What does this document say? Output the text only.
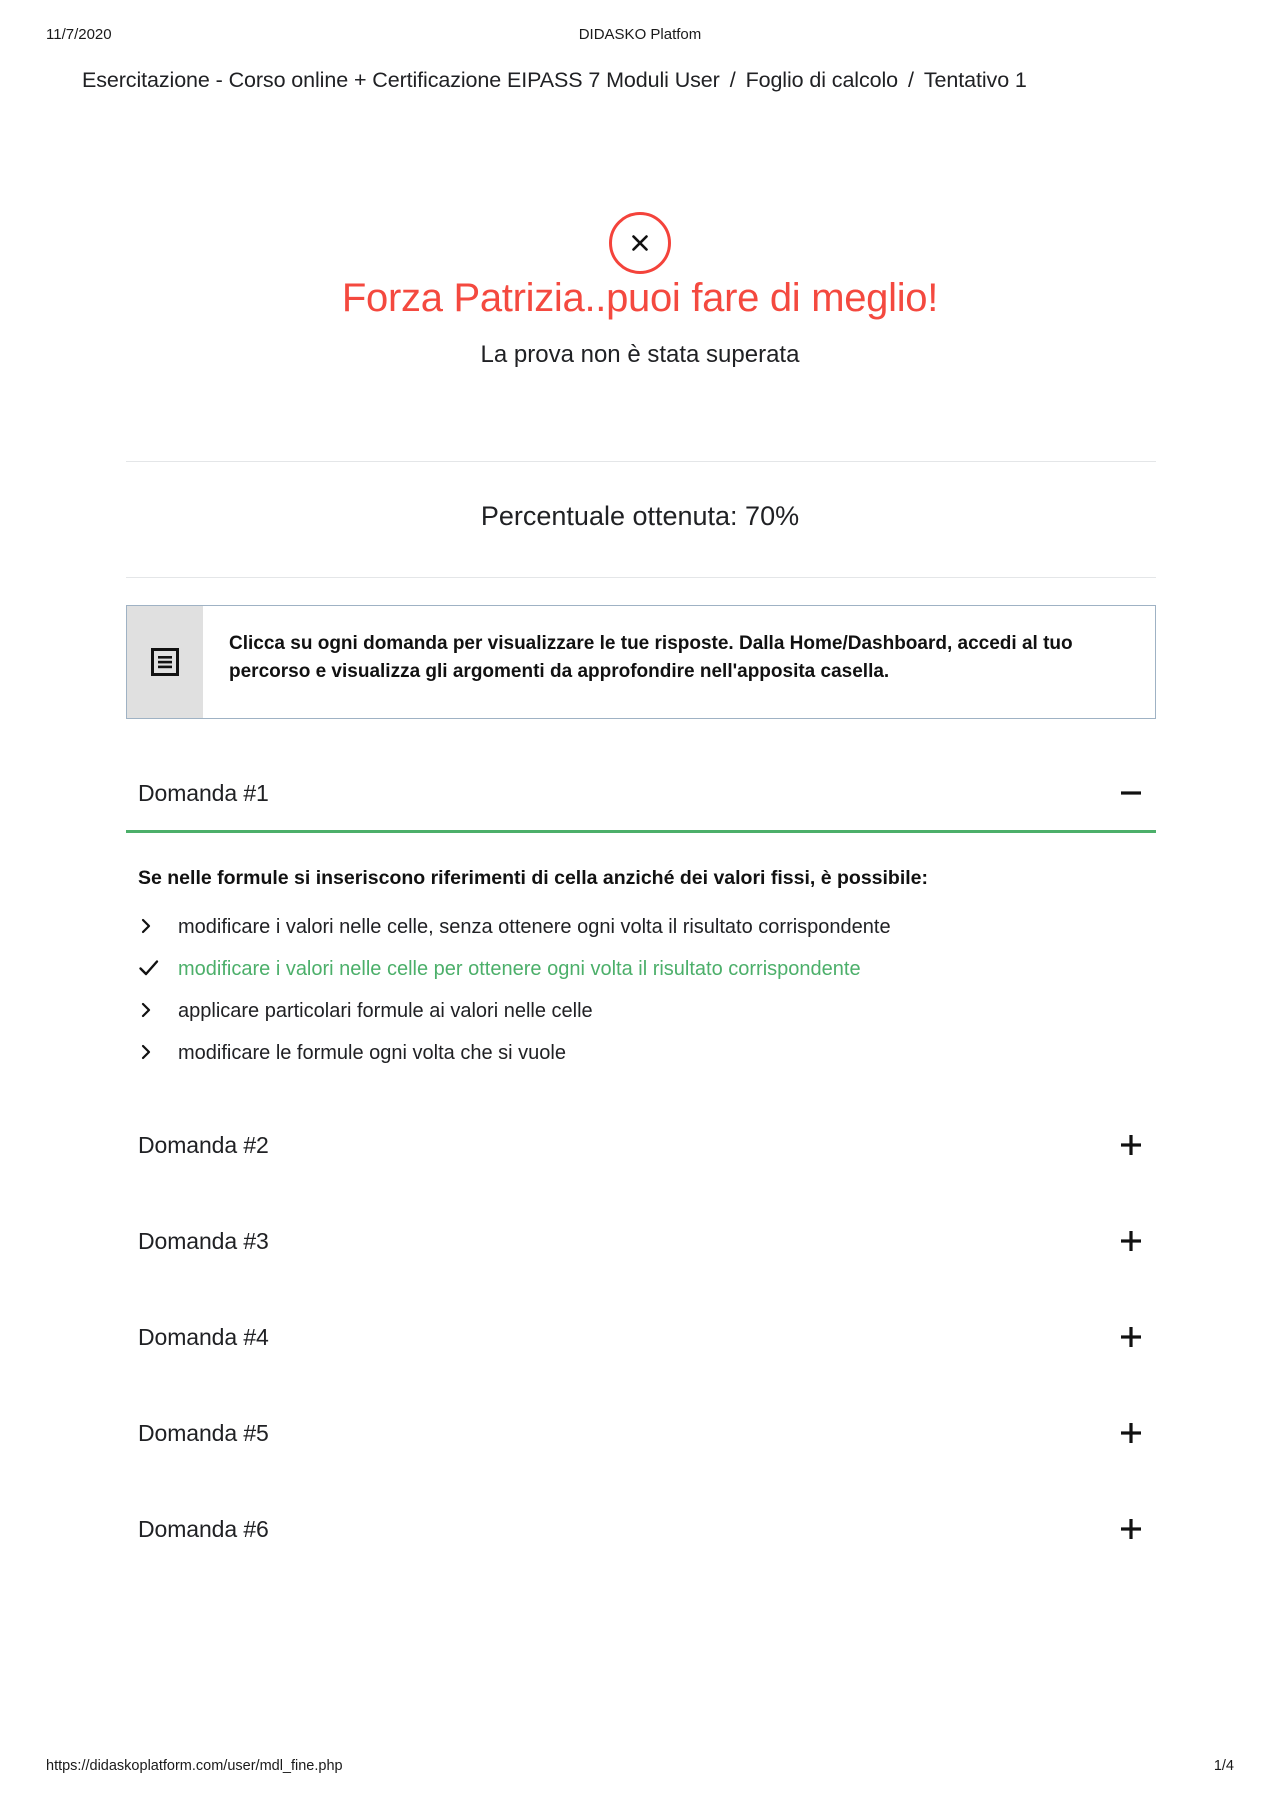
11/7/2020	DIDASKO Platfom
Esercitazione - Corso online + Certificazione EIPASS 7 Moduli User / Foglio di calcolo / Tentativo 1
Forza Patrizia..puoi fare di meglio!
La prova non è stata superata
Percentuale ottenuta: 70%
Clicca su ogni domanda per visualizzare le tue risposte. Dalla Home/Dashboard, accedi al tuo percorso e visualizza gli argomenti da approfondire nell'apposita casella.
Domanda #1

Se nelle formule si inseriscono riferimenti di cella anziché dei valori fissi, è possibile:

modificare i valori nelle celle, senza ottenere ogni volta il risultato corrispondente
modificare i valori nelle celle per ottenere ogni volta il risultato corrispondente
applicare particolari formule ai valori nelle celle
modificare le formule ogni volta che si vuole
Domanda #2
Domanda #3
Domanda #4
Domanda #5
Domanda #6
https://didaskoplatform.com/user/mdl_fine.php	1/4
